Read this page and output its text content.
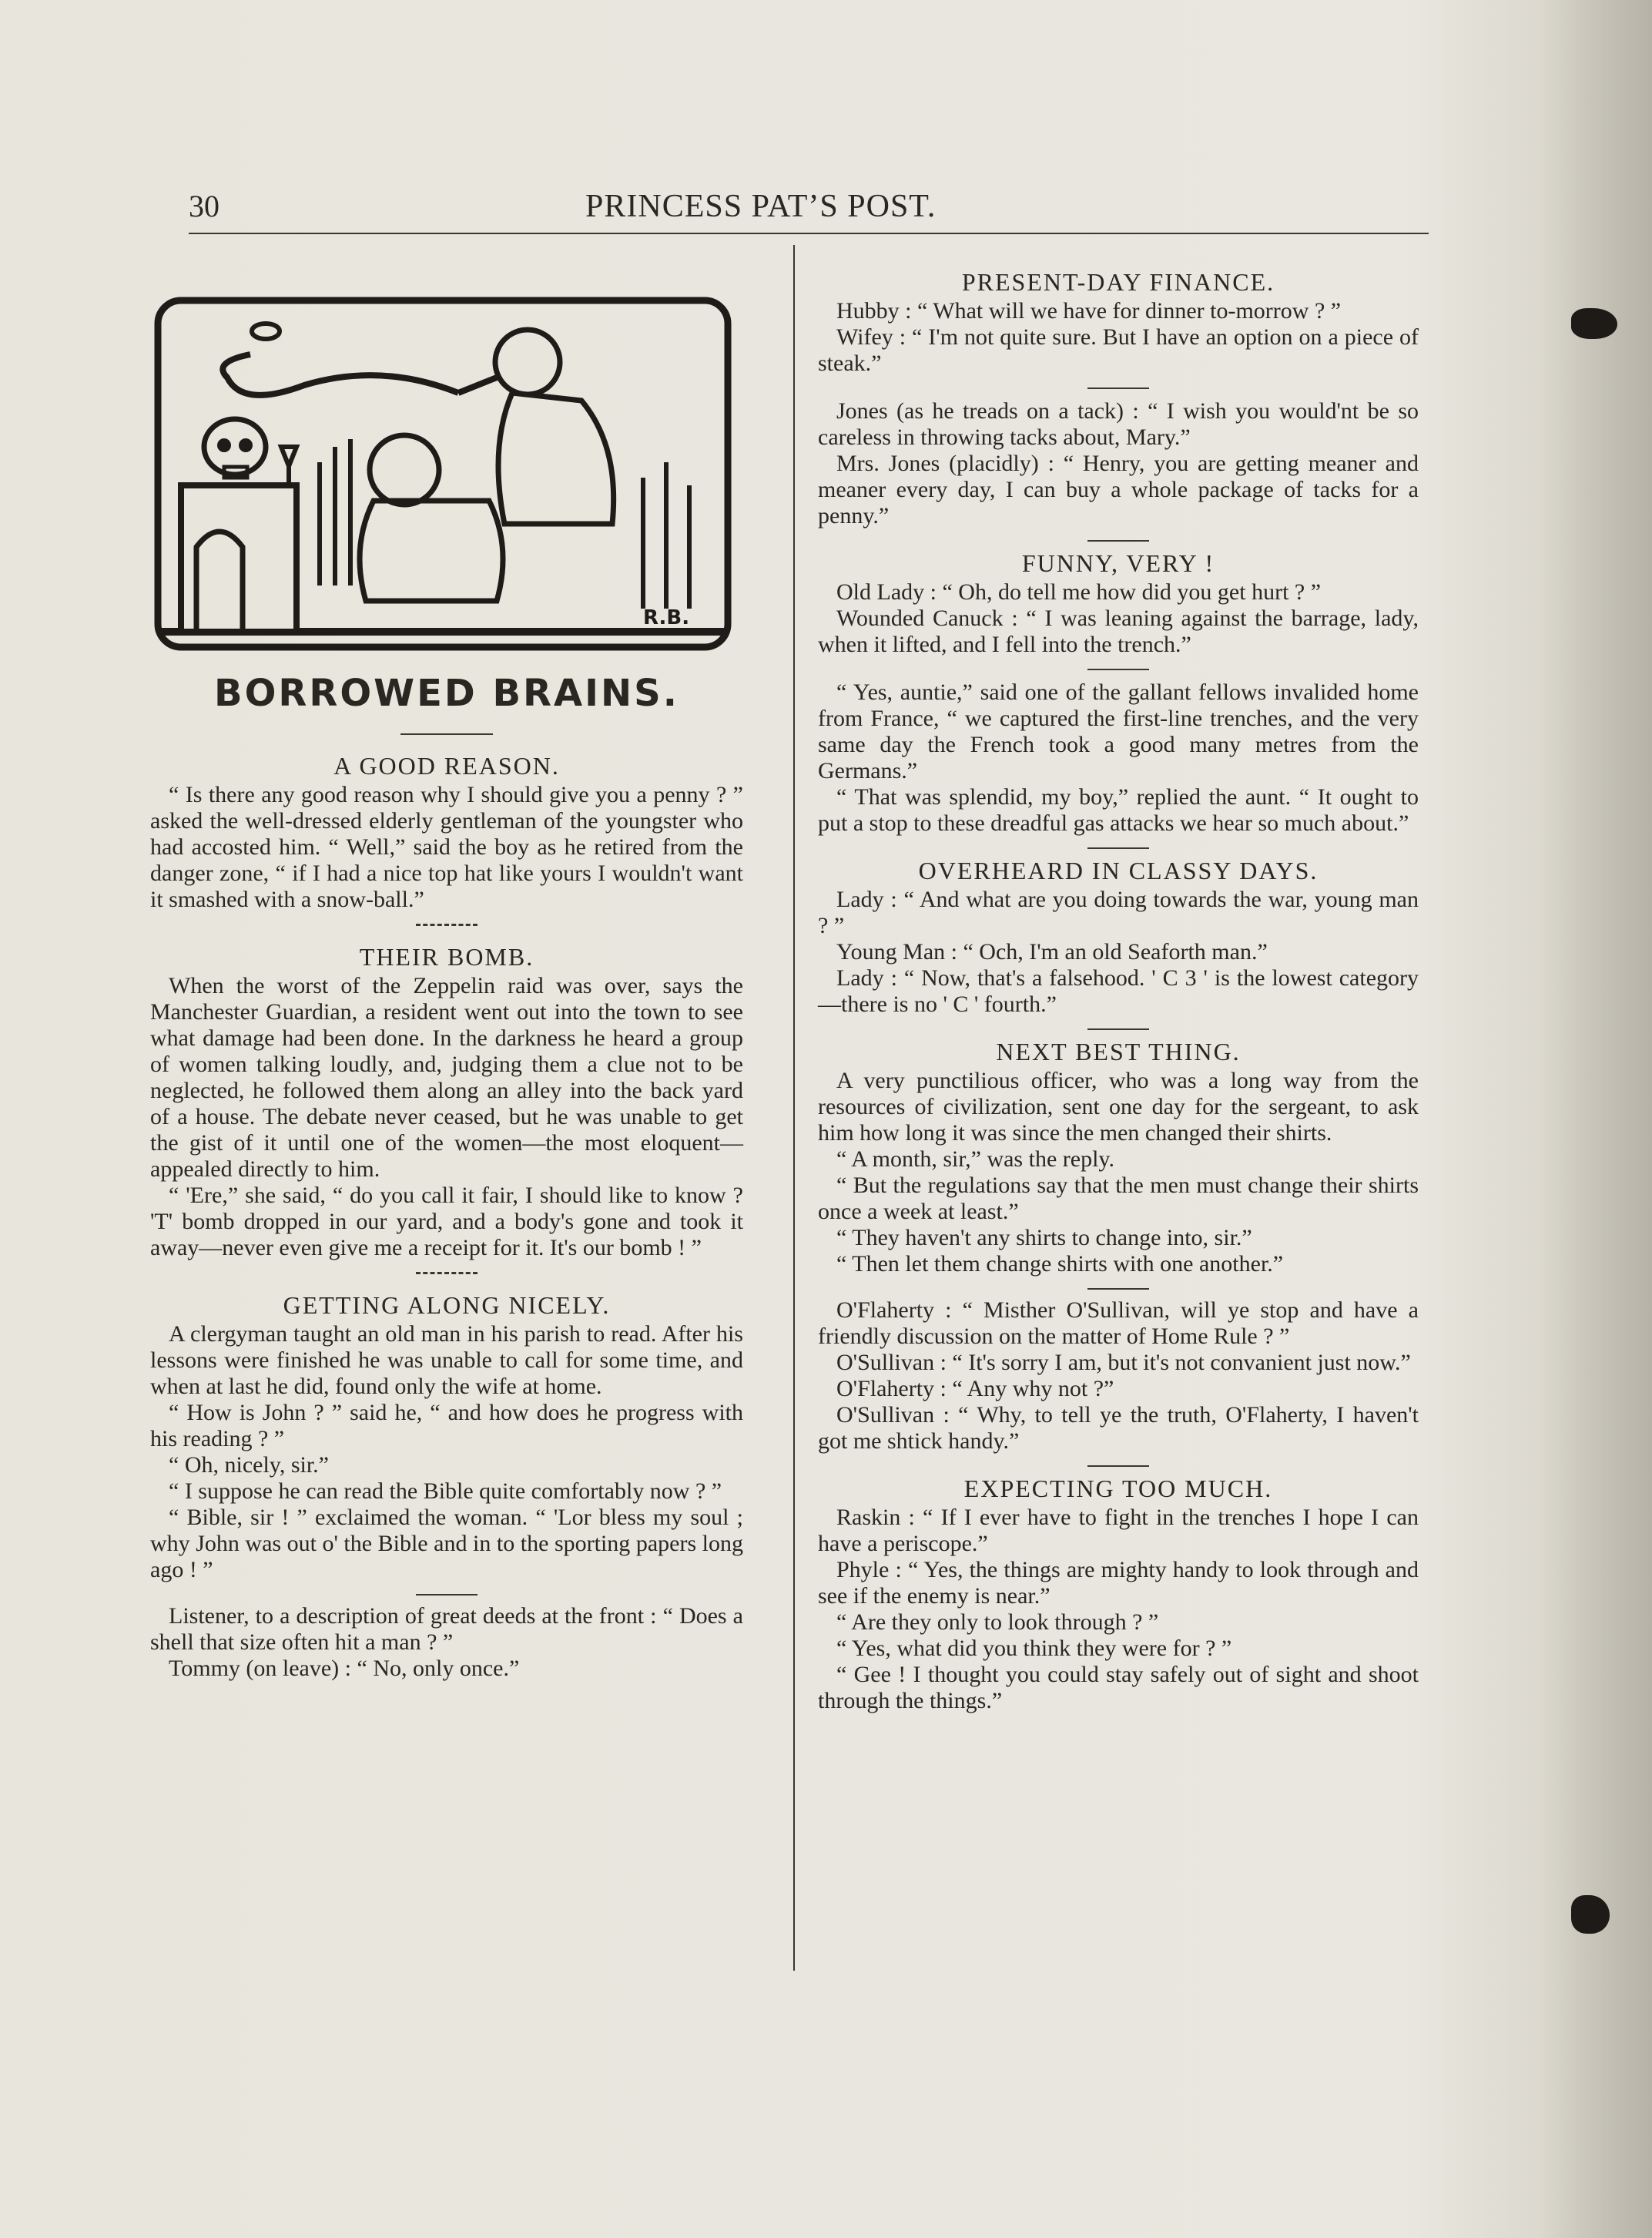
30	PRINCESS PAT’S POST.
R.B.
BORROWED BRAINS.
A GOOD REASON.

“ Is there any good reason why I should give you a penny ? ” asked the well-dressed elderly gentleman of the youngster who had accosted him. “ Well,” said the boy as he retired from the danger zone, “ if I had a nice top hat like yours I wouldn't want it smashed with a snow-ball.”

THEIR BOMB.

When the worst of the Zeppelin raid was over, says the Manchester Guardian, a resident went out into the town to see what damage had been done. In the darkness he heard a group of women talking loudly, and, judging them a clue not to be neglected, he followed them along an alley into the back yard of a house. The debate never ceased, but he was unable to get the gist of it until one of the women—the most eloquent—appealed directly to him.

“ 'Ere,” she said, “ do you call it fair, I should like to know ? 'T' bomb dropped in our yard, and a body's gone and took it away—never even give me a receipt for it. It's our bomb ! ”

GETTING ALONG NICELY.

A clergyman taught an old man in his parish to read. After his lessons were finished he was unable to call for some time, and when at last he did, found only the wife at home.

“ How is John ? ” said he, “ and how does he progress with his reading ? ”

“ Oh, nicely, sir.”

“ I suppose he can read the Bible quite comfortably now ? ”

“ Bible, sir ! ” exclaimed the woman. “ 'Lor bless my soul ; why John was out o' the Bible and in to the sporting papers long ago ! ”

Listener, to a description of great deeds at the front : “ Does a shell that size often hit a man ? ”

Tommy (on leave) : “ No, only once.”

PRESENT-DAY FINANCE.

Hubby : “ What will we have for dinner to-morrow ? ”

Wifey : “ I'm not quite sure. But I have an option on a piece of steak.”

Jones (as he treads on a tack) : “ I wish you would'nt be so careless in throwing tacks about, Mary.”

Mrs. Jones (placidly) : “ Henry, you are getting meaner and meaner every day, I can buy a whole package of tacks for a penny.”

FUNNY, VERY !

Old Lady : “ Oh, do tell me how did you get hurt ? ”

Wounded Canuck : “ I was leaning against the barrage, lady, when it lifted, and I fell into the trench.”

“ Yes, auntie,” said one of the gallant fellows invalided home from France, “ we captured the first-line trenches, and the very same day the French took a good many metres from the Germans.”

“ That was splendid, my boy,” replied the aunt. “ It ought to put a stop to these dreadful gas attacks we hear so much about.”

OVERHEARD IN CLASSY DAYS.

Lady : “ And what are you doing towards the war, young man ? ”

Young Man : “ Och, I'm an old Seaforth man.”

Lady : “ Now, that's a falsehood. ' C 3 ' is the lowest category—there is no ' C ' fourth.”

NEXT BEST THING.

A very punctilious officer, who was a long way from the resources of civilization, sent one day for the sergeant, to ask him how long it was since the men changed their shirts.

“ A month, sir,” was the reply.

“ But the regulations say that the men must change their shirts once a week at least.”

“ They haven't any shirts to change into, sir.”

“ Then let them change shirts with one another.”

O'Flaherty : “ Misther O'Sullivan, will ye stop and have a friendly discussion on the matter of Home Rule ? ”

O'Sullivan : “ It's sorry I am, but it's not convanient just now.”

O'Flaherty : “ Any why not ?”

O'Sullivan : “ Why, to tell ye the truth, O'Flaherty, I haven't got me shtick handy.”

EXPECTING TOO MUCH.

Raskin : “ If I ever have to fight in the trenches I hope I can have a periscope.”

Phyle : “ Yes, the things are mighty handy to look through and see if the enemy is near.”

“ Are they only to look through ? ”

“ Yes, what did you think they were for ? ”

“ Gee ! I thought you could stay safely out of sight and shoot through the things.”
